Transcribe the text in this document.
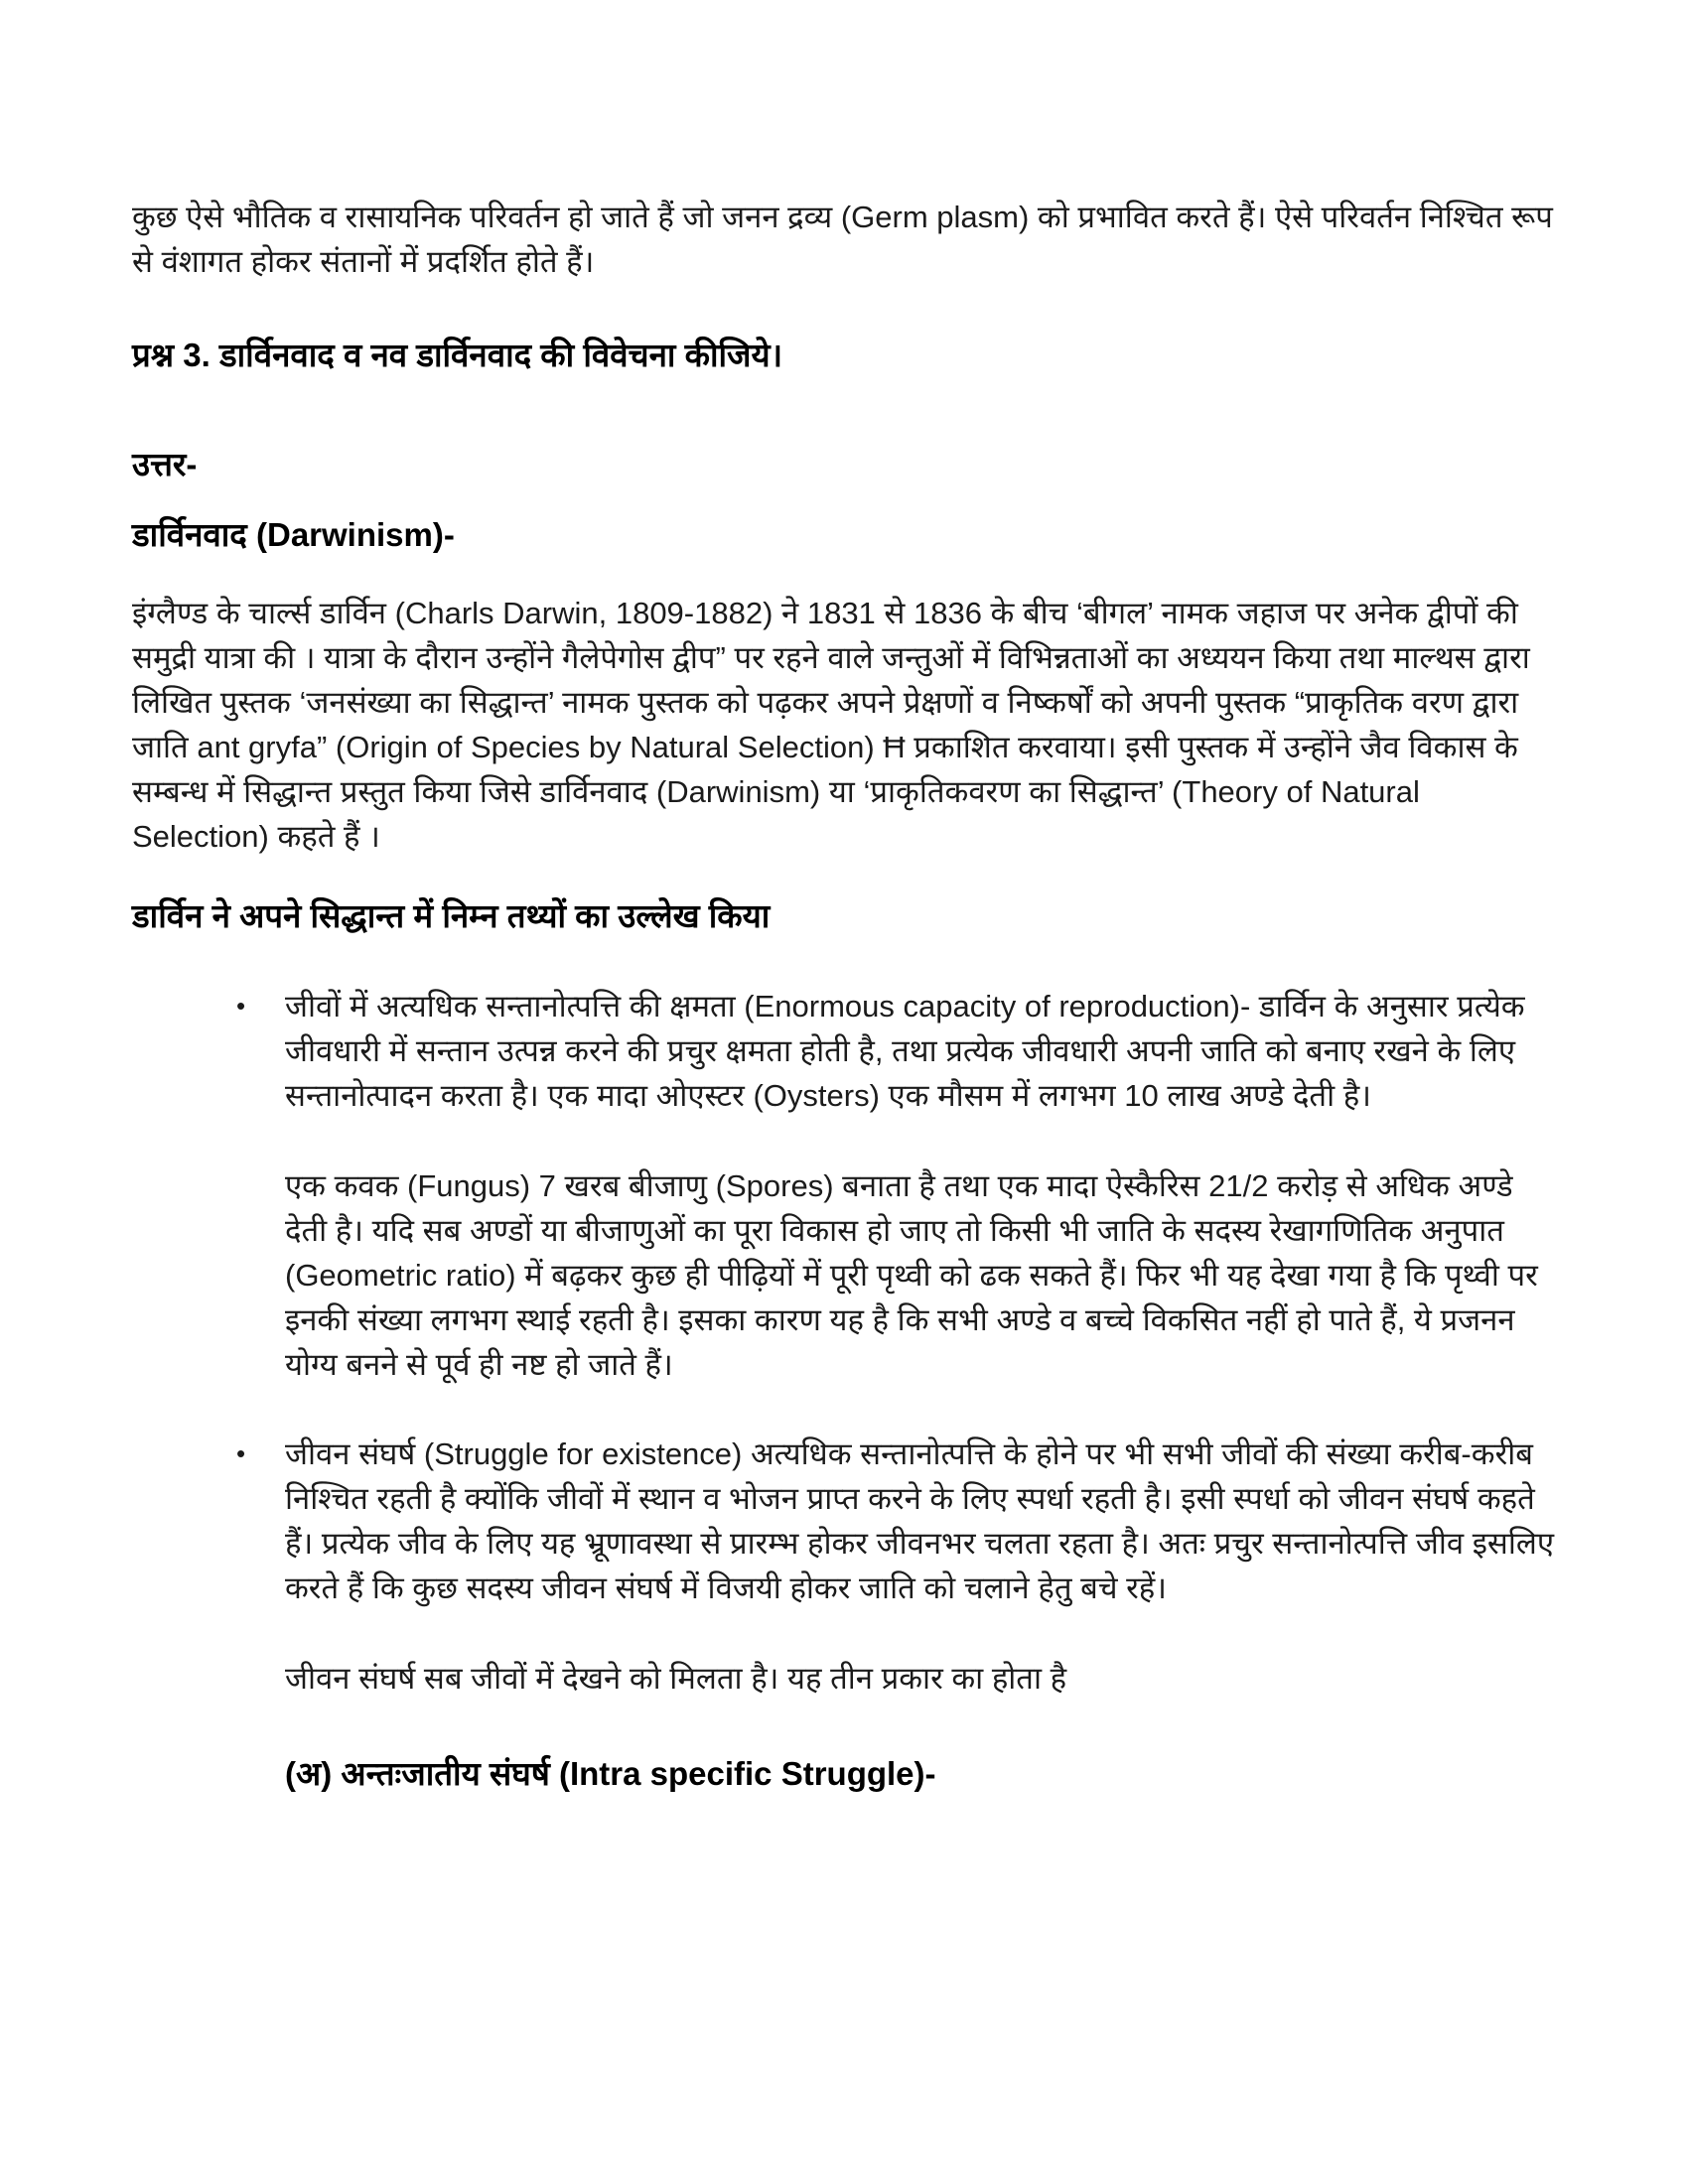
कुछ ऐसे भौतिक व रासायनिक परिवर्तन हो जाते हैं जो जनन द्रव्य (Germ plasm) को प्रभावित करते हैं। ऐसे परिवर्तन निश्चित रूप से वंशागत होकर संतानों में प्रदर्शित होते हैं।

प्रश्न 3. डार्विनवाद व नव डार्विनवाद की विवेचना कीजिये।
उत्तर-
डार्विनवाद (Darwinism)-

इंग्लैण्ड के चार्ल्स डार्विन (Charls Darwin, 1809-1882) ने 1831 से 1836 के बीच ‘बीगल’ नामक जहाज पर अनेक द्वीपों की समुद्री यात्रा की । यात्रा के दौरान उन्होंने गैलेपेगोस द्वीप” पर रहने वाले जन्तुओं में विभिन्नताओं का अध्ययन किया तथा माल्थस द्वारा लिखित पुस्तक ‘जनसंख्या का सिद्धान्त’ नामक पुस्तक को पढ़कर अपने प्रेक्षणों व निष्कर्षों को अपनी पुस्तक “प्राकृतिक वरण द्वारा जाति ant gryfa” (Origin of Species by Natural Selection) Ħ प्रकाशित करवाया। इसी पुस्तक में उन्होंने जैव विकास के सम्बन्ध में सिद्धान्त प्रस्तुत किया जिसे डार्विनवाद (Darwinism) या ‘प्राकृतिकवरण का सिद्धान्त’ (Theory of Natural Selection) कहते हैं ।

डार्विन ने अपने सिद्धान्त में निम्न तथ्यों का उल्लेख किया
•	जीवों में अत्यधिक सन्तानोत्पत्ति की क्षमता (Enormous capacity of reproduction)- डार्विन के अनुसार प्रत्येक जीवधारी में सन्तान उत्पन्न करने की प्रचुर क्षमता होती है, तथा प्रत्येक जीवधारी अपनी जाति को बनाए रखने के लिए सन्तानोत्पादन करता है। एक मादा ओएस्टर (Oysters) एक मौसम में लगभग 10 लाख अण्डे देती है।

एक कवक (Fungus) 7 खरब बीजाणु (Spores) बनाता है तथा एक मादा ऐस्कैरिस 21/2 करोड़ से अधिक अण्डे देती है। यदि सब अण्डों या बीजाणुओं का पूरा विकास हो जाए तो किसी भी जाति के सदस्य रेखागणितिक अनुपात (Geometric ratio) में बढ़कर कुछ ही पीढ़ियों में पूरी पृथ्वी को ढक सकते हैं। फिर भी यह देखा गया है कि पृथ्वी पर इनकी संख्या लगभग स्थाई रहती है। इसका कारण यह है कि सभी अण्डे व बच्चे विकसित नहीं हो पाते हैं, ये प्रजनन योग्य बनने से पूर्व ही नष्ट हो जाते हैं।

•	जीवन संघर्ष (Struggle for existence) अत्यधिक सन्तानोत्पत्ति के होने पर भी सभी जीवों की संख्या करीब-करीब निश्चित रहती है क्योंकि जीवों में स्थान व भोजन प्राप्त करने के लिए स्पर्धा रहती है। इसी स्पर्धा को जीवन संघर्ष कहते हैं। प्रत्येक जीव के लिए यह भ्रूणावस्था से प्रारम्भ होकर जीवनभर चलता रहता है। अतः प्रचुर सन्तानोत्पत्ति जीव इसलिए करते हैं कि कुछ सदस्य जीवन संघर्ष में विजयी होकर जाति को चलाने हेतु बचे रहें।

जीवन संघर्ष सब जीवों में देखने को मिलता है। यह तीन प्रकार का होता है

(अ) अन्तःजातीय संघर्ष (Intra specific Struggle)-
